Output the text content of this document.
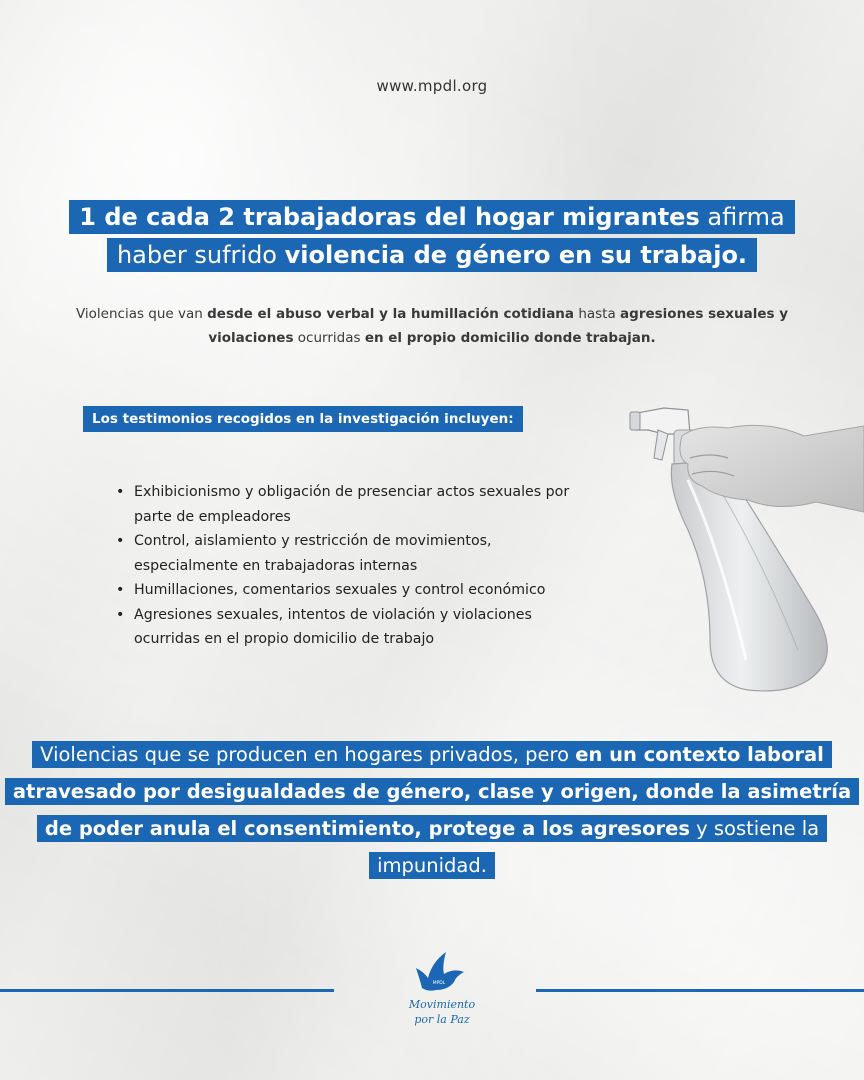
www.mpdl.org
1 de cada 2 trabajadoras del hogar migrantes afirma
haber sufrido violencia de género en su trabajo.
Violencias que van desde el abuso verbal y la humillación cotidiana hasta agresiones sexuales y violaciones ocurridas en el propio domicilio donde trabajan.
Los testimonios recogidos en la investigación incluyen:
• Exhibicionismo y obligación de presenciar actos sexuales por parte de empleadores
• Control, aislamiento y restricción de movimientos, especialmente en trabajadoras internas
• Humillaciones, comentarios sexuales y control económico
• Agresiones sexuales, intentos de violación y violaciones ocurridas en el propio domicilio de trabajo
Violencias que se producen en hogares privados, pero en un contexto laboral atravesado por desigualdades de género, clase y origen, donde la asimetría de poder anula el consentimiento, protege a los agresores y sostiene la impunidad.
MPDL
Movimiento
por la Paz
